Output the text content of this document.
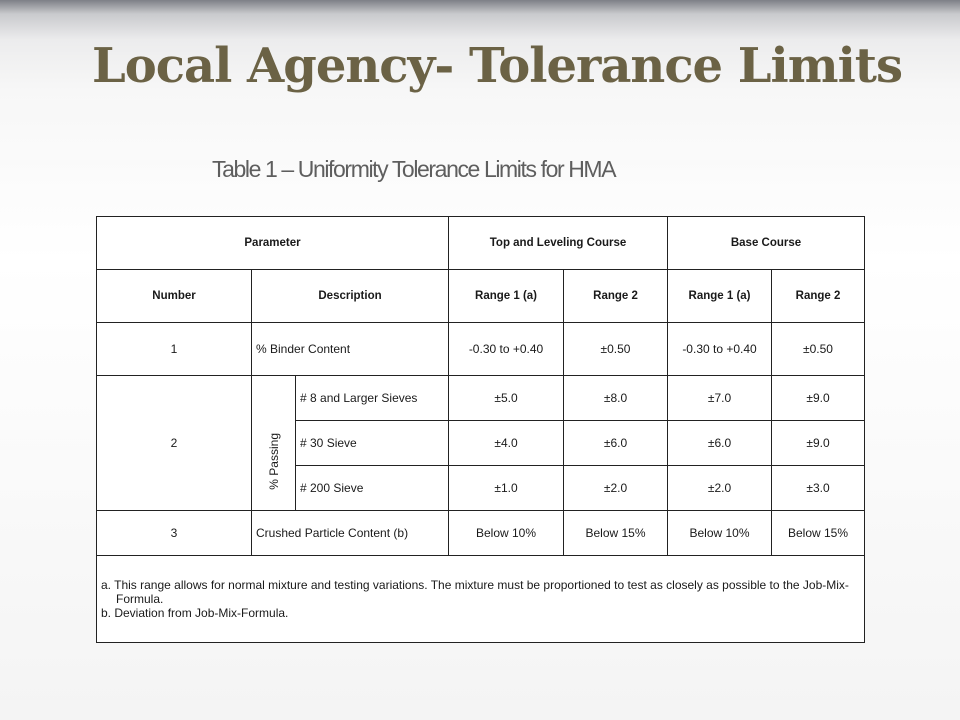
Local Agency- Tolerance Limits
Table 1 – Uniformity Tolerance Limits for HMA
Parameter			Top and Leveling Course		Base Course	
Number	Description		Range 1 (a)	Range 2	Range 1 (a)	Range 2
1	% Binder Content		-0.30 to +0.40	±0.50	-0.30 to +0.40	±0.50
2	% Passing	# 8 and Larger Sieves	±5.0	±8.0	±7.0	±9.0
		# 30 Sieve	±4.0	±6.0	±6.0	±9.0
		# 200 Sieve	±1.0	±2.0	±2.0	±3.0
3	Crushed Particle Content (b)		Below 10%	Below 15%	Below 10%	Below 15%

a. This range allows for normal mixture and testing variations. The mixture must be proportioned to test as closely as possible to the Job-Mix-Formula.
b. Deviation from Job-Mix-Formula.						
